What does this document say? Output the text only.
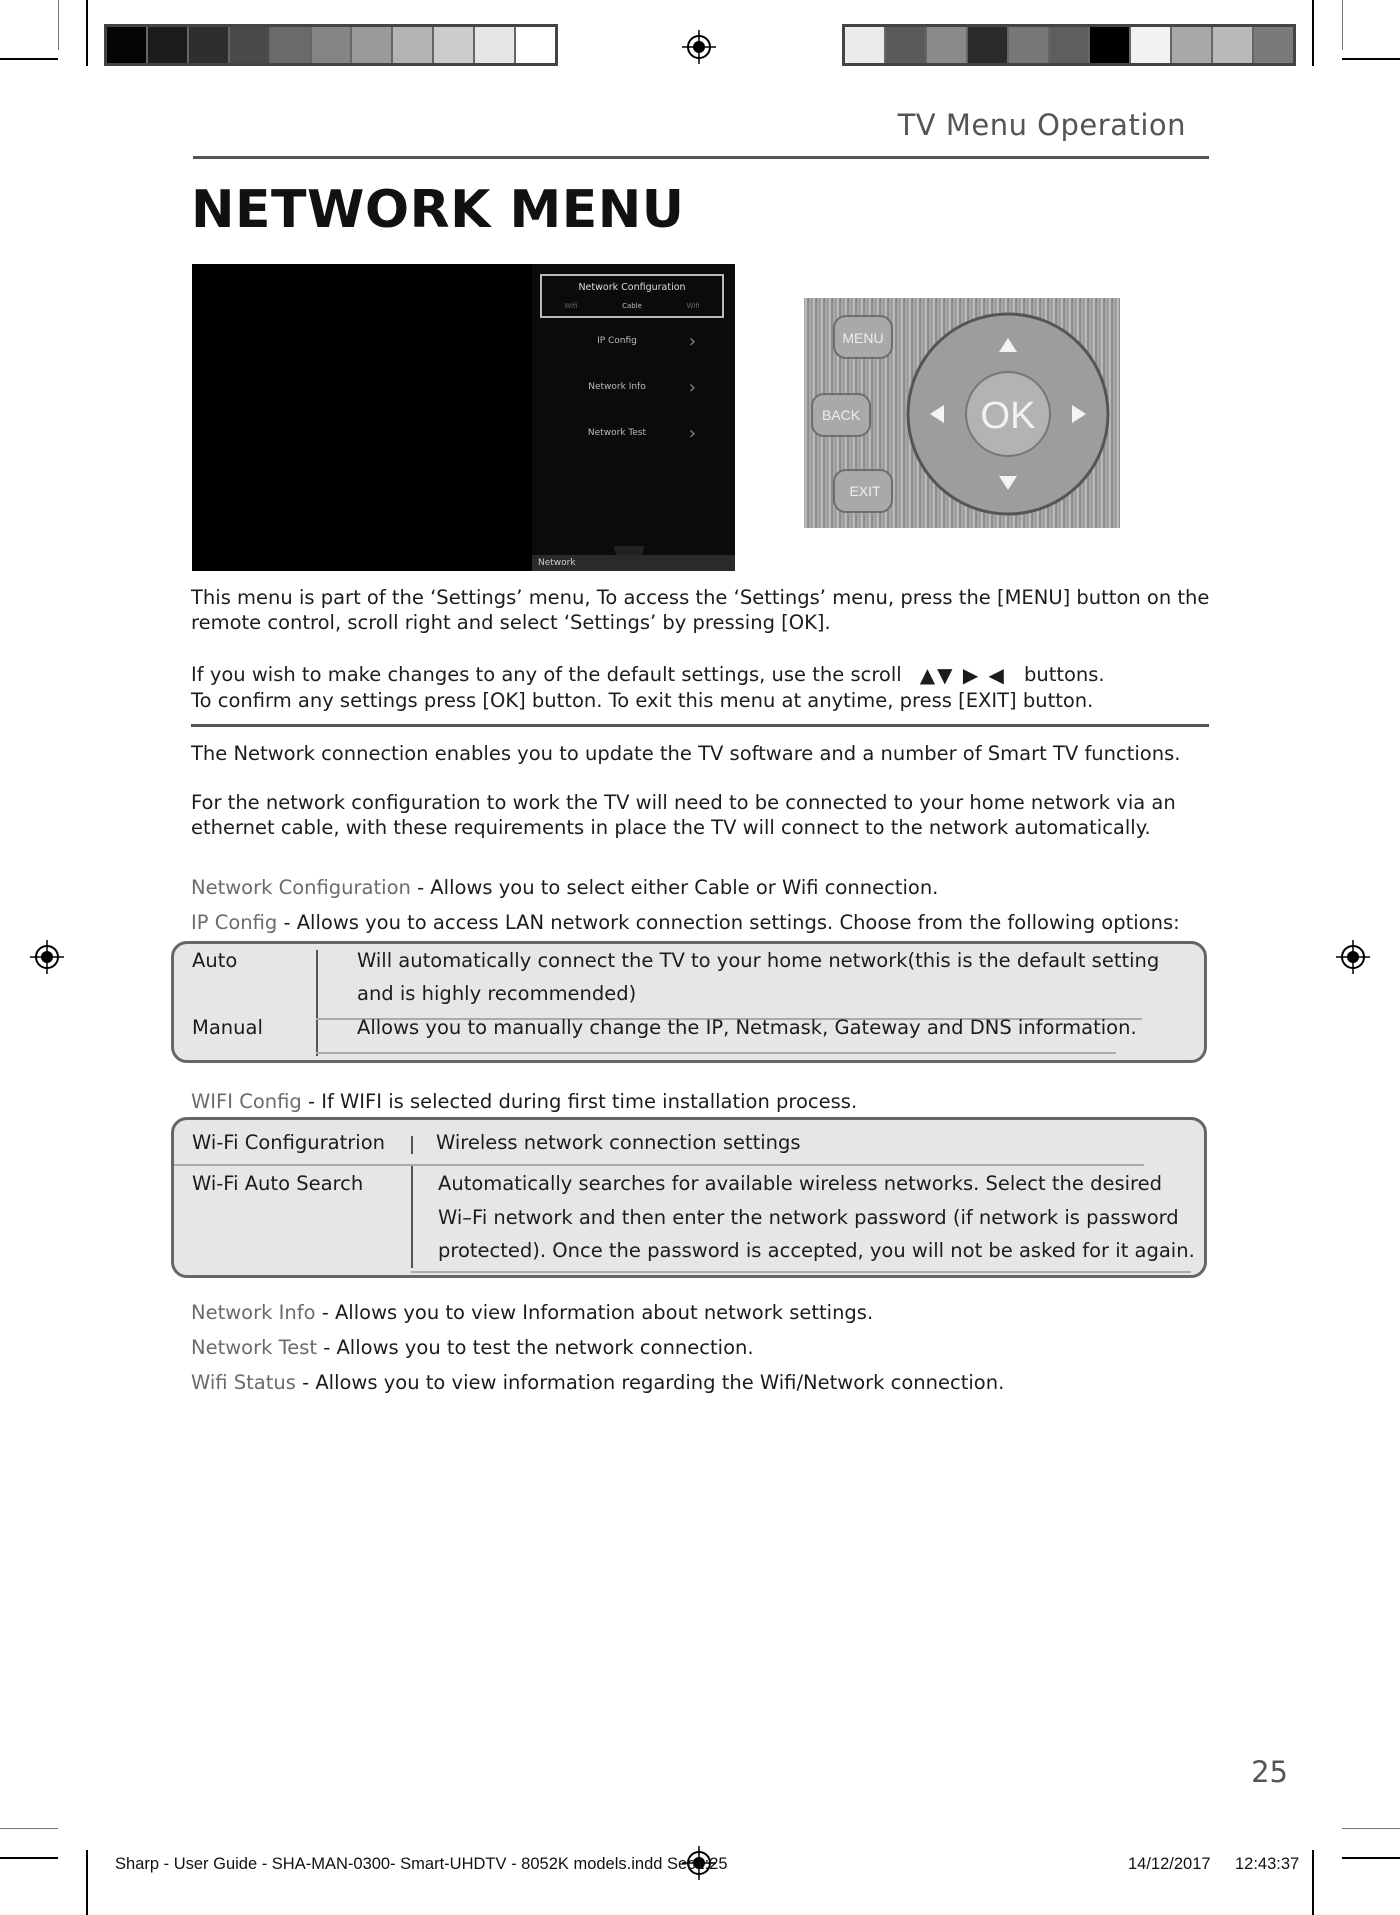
TV Menu Operation
NETWORK MENU
Network Configuration
Wifi	Cable	Wifi
IP Config	›
Network Info	›
Network Test	›
Network
MENU
BACK
EXIT
OK
This menu is part of the ‘Settings’ menu, To access the ‘Settings’ menu, press the [MENU] button on the remote control, scroll right and select ‘Settings’ by pressing [OK].
If you wish to make changes to any of the default settings, use the scroll ▲▼ ▶ ◀ buttons.
To confirm any settings press [OK] button. To exit this menu at anytime, press [EXIT] button.
The Network connection enables you to update the TV software and a number of Smart TV functions.
For the network configuration to work the TV will need to be connected to your home network via an ethernet cable, with these requirements in place the TV will connect to the network automatically.
Network Configuration - Allows you to select either Cable or Wifi connection.
IP Config - Allows you to access LAN network connection settings. Choose from the following options:
Auto	Will automatically connect the TV to your home network(this is the default setting
and is highly recommended)
Manual	Allows you to manually change the IP, Netmask, Gateway and DNS information.
WIFI Config - If WIFI is selected during first time installation process.
Wi-Fi Configuratrion	Wireless network connection settings
Wi-Fi Auto Search	Automatically searches for available wireless networks. Select the desired
Wi–Fi network and then enter the network password (if network is password
protected). Once the password is accepted, you will not be asked for it again.
Network Info - Allows you to view Information about network settings.
Network Test - Allows you to test the network connection.
Wifi Status - Allows you to view information regarding the Wifi/Network connection.
25
Sharp - User Guide - SHA-MAN-0300- Smart-UHDTV - 8052K models.indd Sec1:25	14/12/2017 12:43:37
